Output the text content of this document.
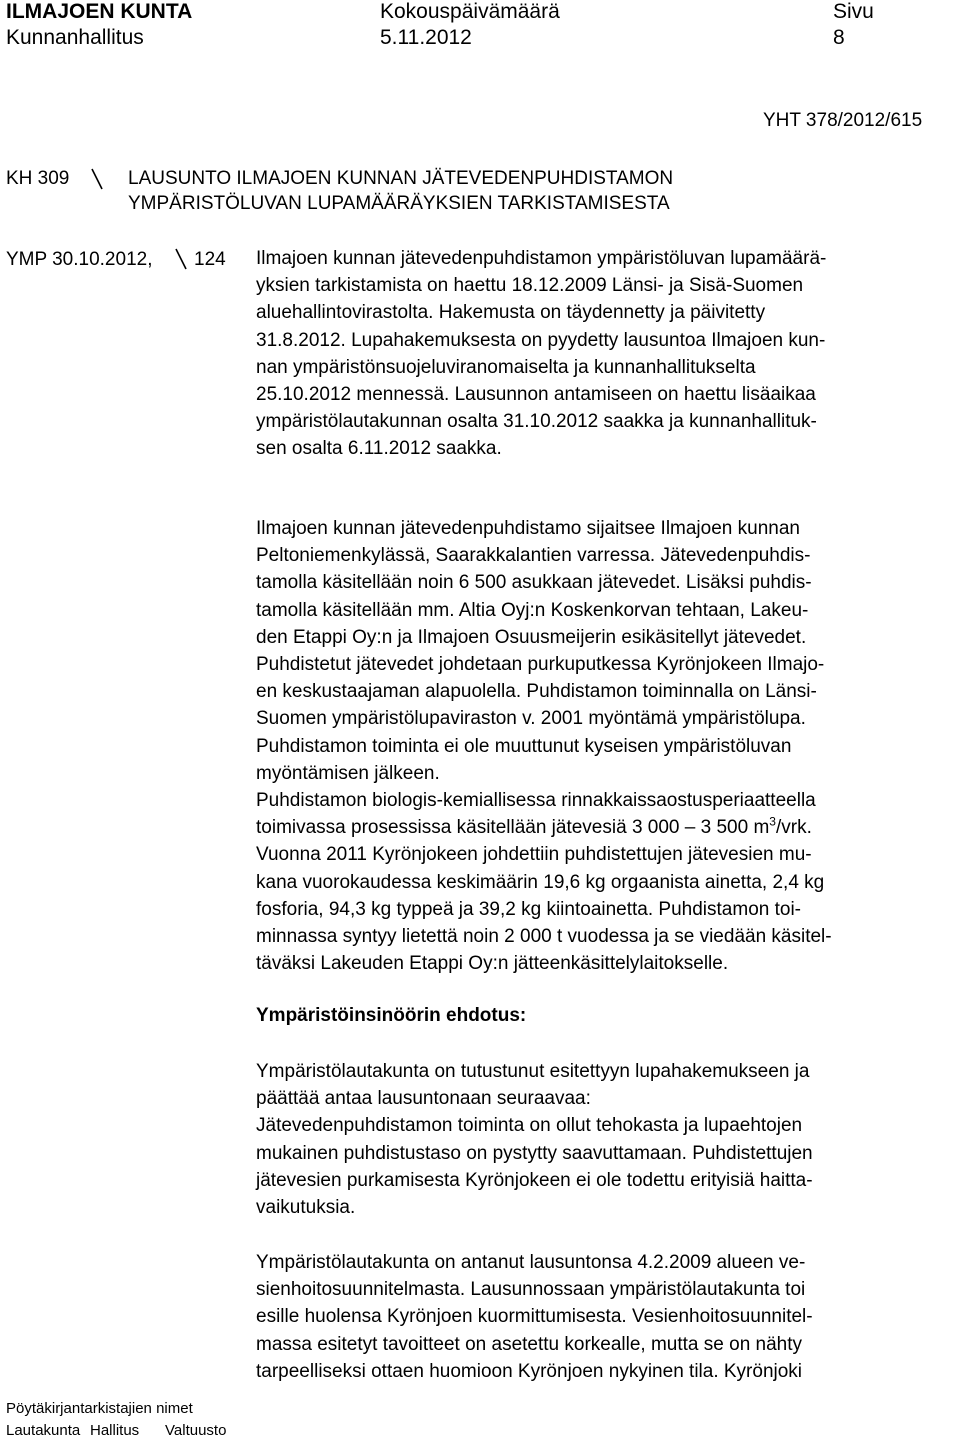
ILMAJOEN KUNTA
Kunnanhallitus
Kokouspäivämäärä
5.11.2012
Sivu
8
YHT 378/2012/615
KH 309	LAUSUNTO ILMAJOEN KUNNAN JÄTEVEDENPUHDISTAMON
YMPÄRISTÖLUVAN LUPAMÄÄRÄYKSIEN TARKISTAMISESTA
YMP 30.10.2012, 124 Ilmajoen kunnan jätevedenpuhdistamon ympäristöluvan lupamäärä-
yksien tarkistamista on haettu 18.12.2009 Länsi- ja Sisä-Suomen
aluehallintovirastolta. Hakemusta on täydennetty ja päivitetty
31.8.2012. Lupahakemuksesta on pyydetty lausuntoa Ilmajoen kun-
nan ympäristönsuojeluviranomaiselta ja kunnanhallitukselta
25.10.2012 mennessä. Lausunnon antamiseen on haettu lisäaikaa
ympäristölautakunnan osalta 31.10.2012 saakka ja kunnanhallituk-
sen osalta 6.11.2012 saakka.
Ilmajoen kunnan jätevedenpuhdistamo sijaitsee Ilmajoen kunnan
Peltoniemenkylässä, Saarakkalantien varressa. Jätevedenpuhdis-
tamolla käsitellään noin 6 500 asukkaan jätevedet. Lisäksi puhdis-
tamolla käsitellään mm. Altia Oyj:n Koskenkorvan tehtaan, Lakeu-
den Etappi Oy:n ja Ilmajoen Osuusmeijerin esikäsitellyt jätevedet.
Puhdistetut jätevedet johdetaan purkuputkessa Kyrönjokeen Ilmajo-
en keskustaajaman alapuolella. Puhdistamon toiminnalla on Länsi-
Suomen ympäristölupaviraston v. 2001 myöntämä ympäristölupa.
Puhdistamon toiminta ei ole muuttunut kyseisen ympäristöluvan
myöntämisen jälkeen.
Puhdistamon biologis-kemiallisessa rinnakkaissaostusperiaatteella
toimivassa prosessissa käsitellään jätevesiä 3 000 – 3 500 $m^3$/vrk.
Vuonna 2011 Kyrönjokeen johdettiin puhdistettujen jätevesien mu-
kana vuorokaudessa keskimäärin 19,6 kg orgaanista ainetta, 2,4 kg
fosforia, 94,3 kg typpeä ja 39,2 kg kiintoainetta. Puhdistamon toi-
minnassa syntyy lietettä noin 2 000 t vuodessa ja se viedään käsitel-
täväksi Lakeuden Etappi Oy:n jätteenkäsittelylaitokselle.
Ympäristöinsinöörin ehdotus:
Ympäristölautakunta on tutustunut esitettyyn lupahakemukseen ja
päättää antaa lausuntonaan seuraavaa:
Jätevedenpuhdistamon toiminta on ollut tehokasta ja lupaehtojen
mukainen puhdistustaso on pystytty saavuttamaan. Puhdistettujen
jätevesien purkamisesta Kyrönjokeen ei ole todettu erityisiä haitta-
vaikutuksia.
Ympäristölautakunta on antanut lausuntonsa 4.2.2009 alueen ve-
sienhoitosuunnitelmasta. Lausunnossaan ympäristölautakunta toi
esille huolensa Kyrönjoen kuormittumisesta. Vesienhoitosuunnitel-
massa esitetyt tavoitteet on asetettu korkealle, mutta se on nähty
tarpeelliseksi ottaen huomioon Kyrönjoen nykyinen tila. Kyrönjoki
Pöytäkirjantarkistajien nimet
Lautakunta Hallitus Valtuusto
